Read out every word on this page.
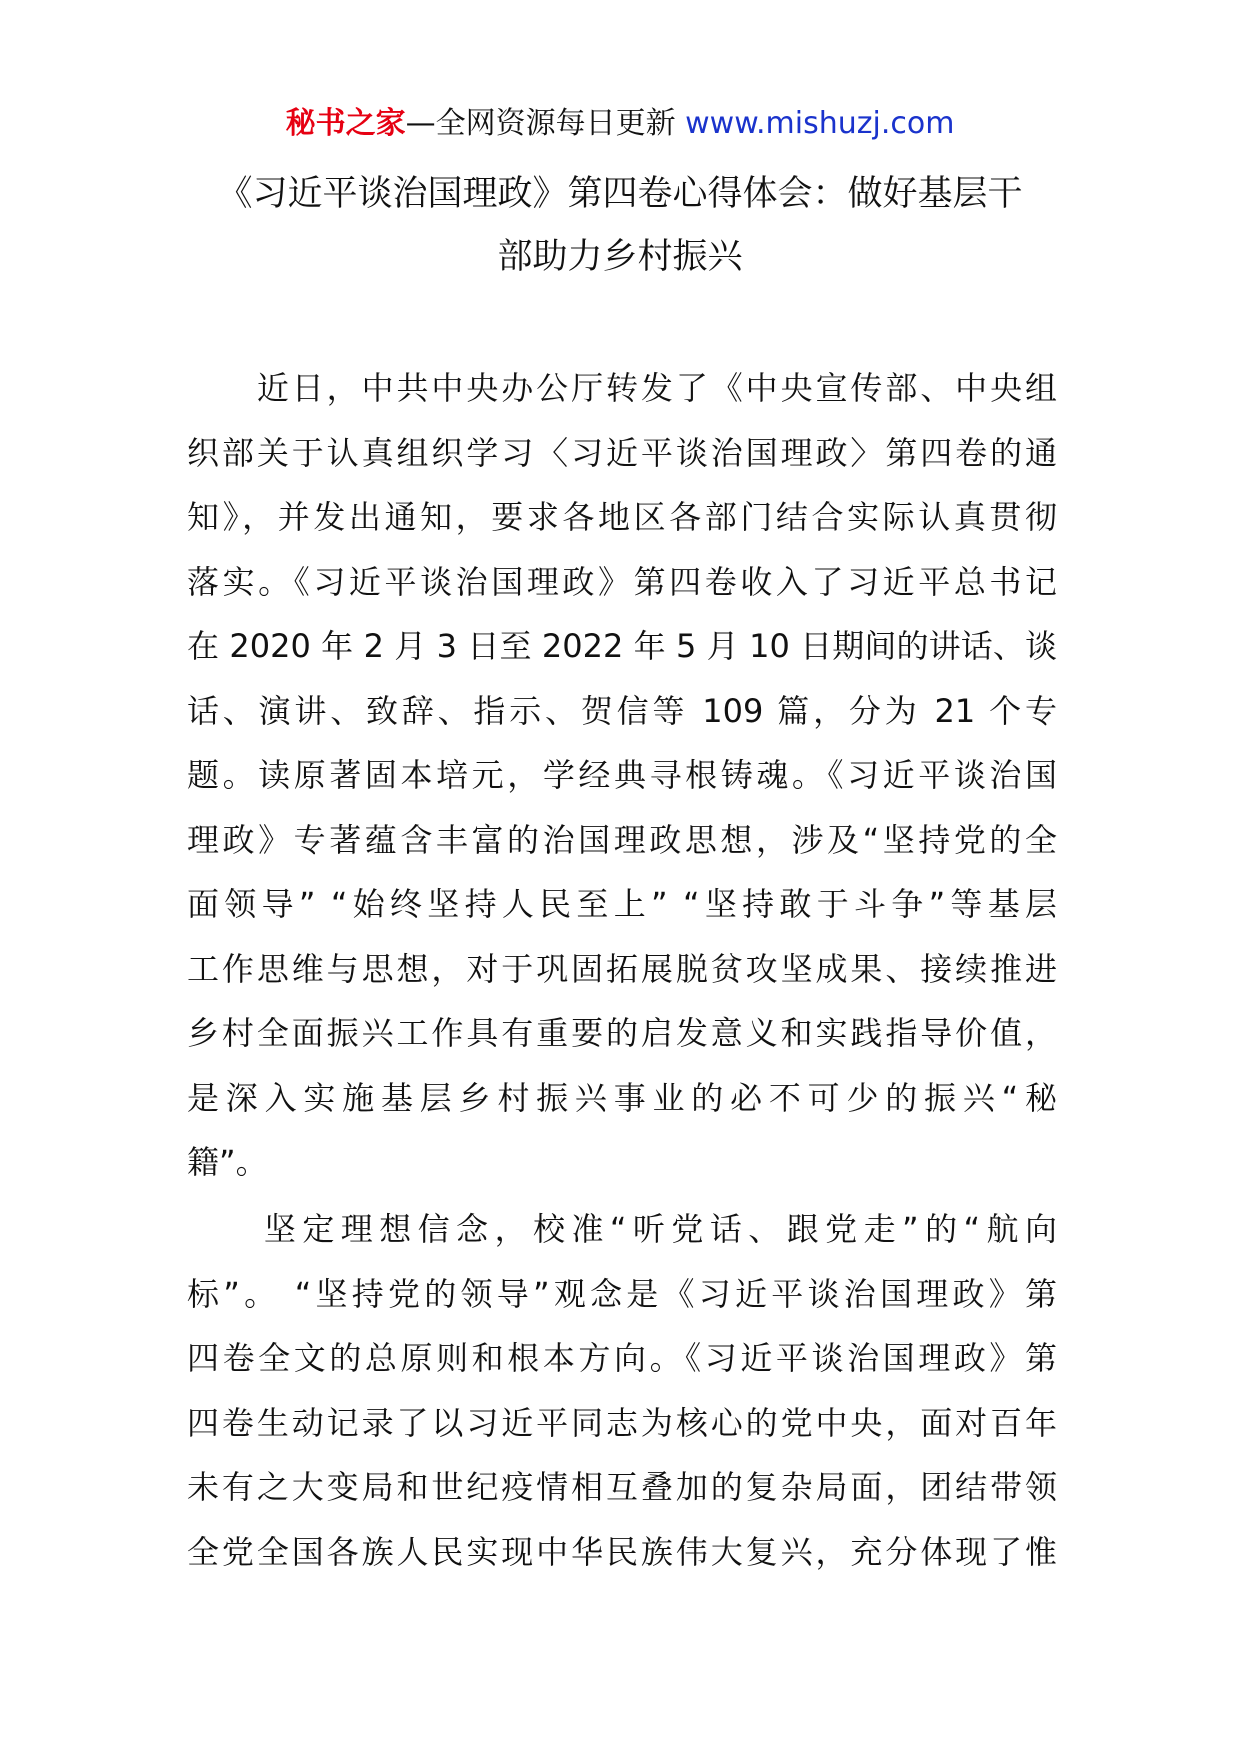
秘书之家—全网资源每日更新 www.mishuzj.com
《习近平谈治国理政》第四卷心得体会：做好基层干
部助力乡村振兴
　　近日，中共中央办公厅转发了《中央宣传部、中央组
织部关于认真组织学习〈习近平谈治国理政〉第四卷的通
知》，并发出通知，要求各地区各部门结合实际认真贯彻
落实。《习近平谈治国理政》第四卷收入了习近平总书记
在 2020 年 2 月 3 日至 2022 年 5 月 10 日期间的讲话、谈
话、演讲、致辞、指示、贺信等 109 篇，分为 21 个专
题。读原著固本培元，学经典寻根铸魂。《习近平谈治国
理政》专著蕴含丰富的治国理政思想，涉及“坚持党的全
面领导” “始终坚持人民至上” “坚持敢于斗争”等基层
工作思维与思想，对于巩固拓展脱贫攻坚成果、接续推进
乡村全面振兴工作具有重要的启发意义和实践指导价值，
是深入实施基层乡村振兴事业的必不可少的振兴“秘
籍”。
　　坚定理想信念，校准“听党话、跟党走”的“航向
标”。 “坚持党的领导”观念是《习近平谈治国理政》第
四卷全文的总原则和根本方向。《习近平谈治国理政》第
四卷生动记录了以习近平同志为核心的党中央，面对百年
未有之大变局和世纪疫情相互叠加的复杂局面，团结带领
全党全国各族人民实现中华民族伟大复兴，充分体现了惟
